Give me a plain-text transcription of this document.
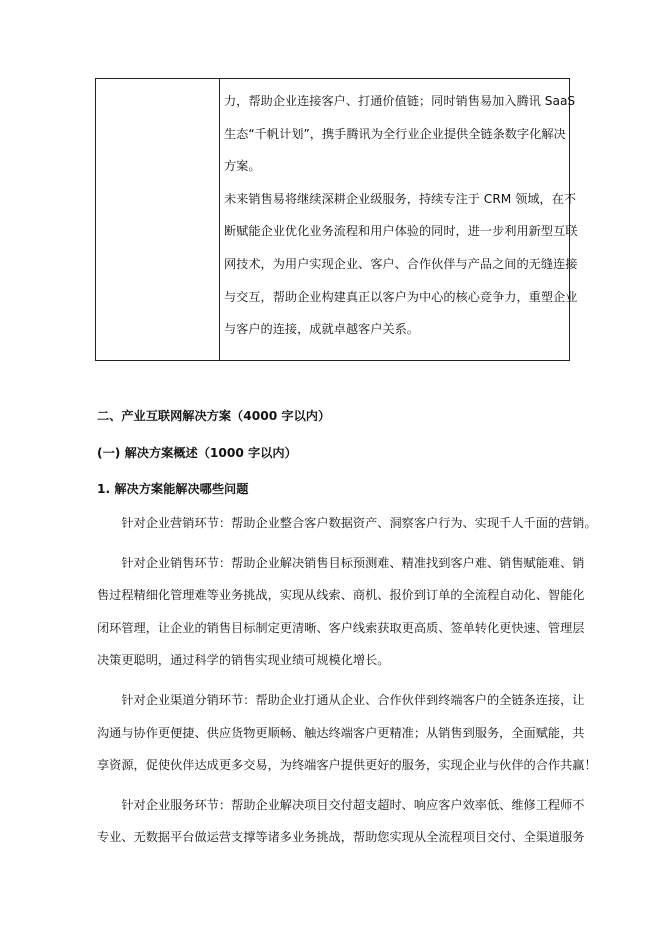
力，帮助企业连接客户、打通价值链；同时销售易加入腾讯 SaaS

生态“千帆计划”，携手腾讯为全行业企业提供全链条数字化解决

方案。

未来销售易将继续深耕企业级服务，持续专注于 CRM 领域，在不

断赋能企业优化业务流程和用户体验的同时，进一步利用新型互联

网技术，为用户实现企业、客户、合作伙伴与产品之间的无缝连接

与交互，帮助企业构建真正以客户为中心的核心竞争力，重塑企业

与客户的连接，成就卓越客户关系。

二、产业互联网解决方案（4000 字以内）
(一) 解决方案概述（1000 字以内）
1. 解决方案能解决哪些问题

　　针对企业营销环节：帮助企业整合客户数据资产、洞察客户行为、实现千人千面的营销。

　　针对企业销售环节：帮助企业解决销售目标预测难、精准找到客户难、销售赋能难、销

售过程精细化管理难等业务挑战，实现从线索、商机、报价到订单的全流程自动化、智能化

闭环管理，让企业的销售目标制定更清晰、客户线索获取更高质、签单转化更快速、管理层

决策更聪明，通过科学的销售实现业绩可规模化增长。

　　针对企业渠道分销环节：帮助企业打通从企业、合作伙伴到终端客户的全链条连接，让

沟通与协作更便捷、供应货物更顺畅、触达终端客户更精准；从销售到服务，全面赋能，共

享资源，促使伙伴达成更多交易，为终端客户提供更好的服务，实现企业与伙伴的合作共赢！

　　针对企业服务环节：帮助企业解决项目交付超支超时、响应客户效率低、维修工程师不

专业、无数据平台做运营支撑等诸多业务挑战，帮助您实现从全流程项目交付、全渠道服务
